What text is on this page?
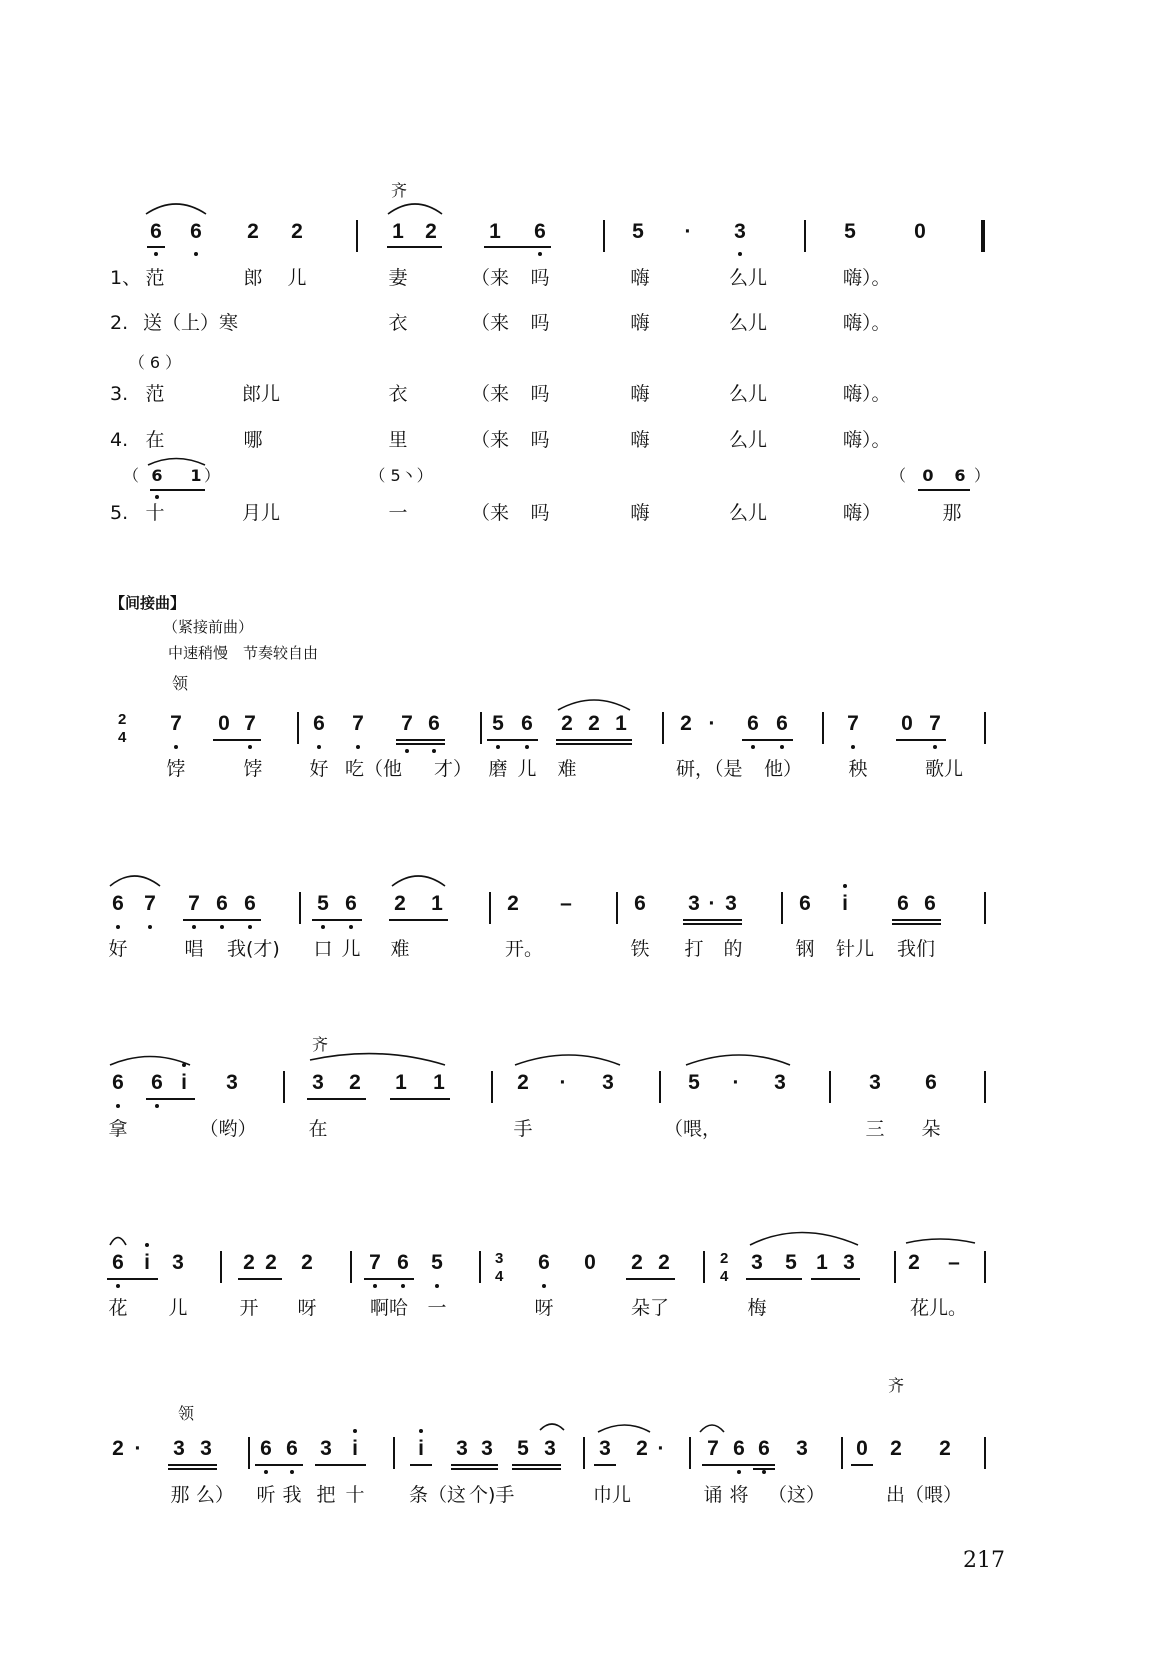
齐
6 6 2 2	1 2 1 6	5 · 3	5	0
1、 范	郎 儿	妻	（来 吗	嗨	么儿	嗨）。
2. 送（上）寒	衣	（来 吗	嗨	么儿	嗨）。
（ 6 ）
3. 范	郎儿	衣	（来 吗	嗨	么儿	嗨）。
4. 在	哪	里	（来 吗	嗨	么儿	嗨）。
（ 6 1 ）	（ 5丶）	（ 0 6 ）
5. 十	月儿	一	（来 吗	嗨	么儿	嗨）	那
【间接曲】
（紧接前曲）
中速稍慢　节奏较自由
领
2
4
7 0 7	6 7 7 6 5 6 2 2 1	2 · 6 6	7 0 7
饽	饽 好 吃（他 才） 磨 儿 难	研，（是 他） 秧	歌儿
6 7 7 6 6	5 6 2 1	2 –	6 3 · 3	6 i 6 6
好	唱 我(才) 口 儿 难	开。	铁 打 的	钢 针儿 我们
齐
6 6 i 3	3 2 1 1	2 · 3	5 · 3	3 6
拿	（哟）	在	手	（喂，	三 朵
6 i 3	2 2 2	7 6 5	3
4
6 0 2 2	2
4
3 5 1 3	2 –
花 儿	开 呀	啊哈 一	呀	朵了	梅	花儿。
领
齐
2 · 3 3 6 6 3 i	i 3 3 5 3 3 2 · 7 6 6 3 0 2 2
那 么） 听 我 把 十 条（这 个)手	巾儿	诵 将 （这）	出（喂）
217
